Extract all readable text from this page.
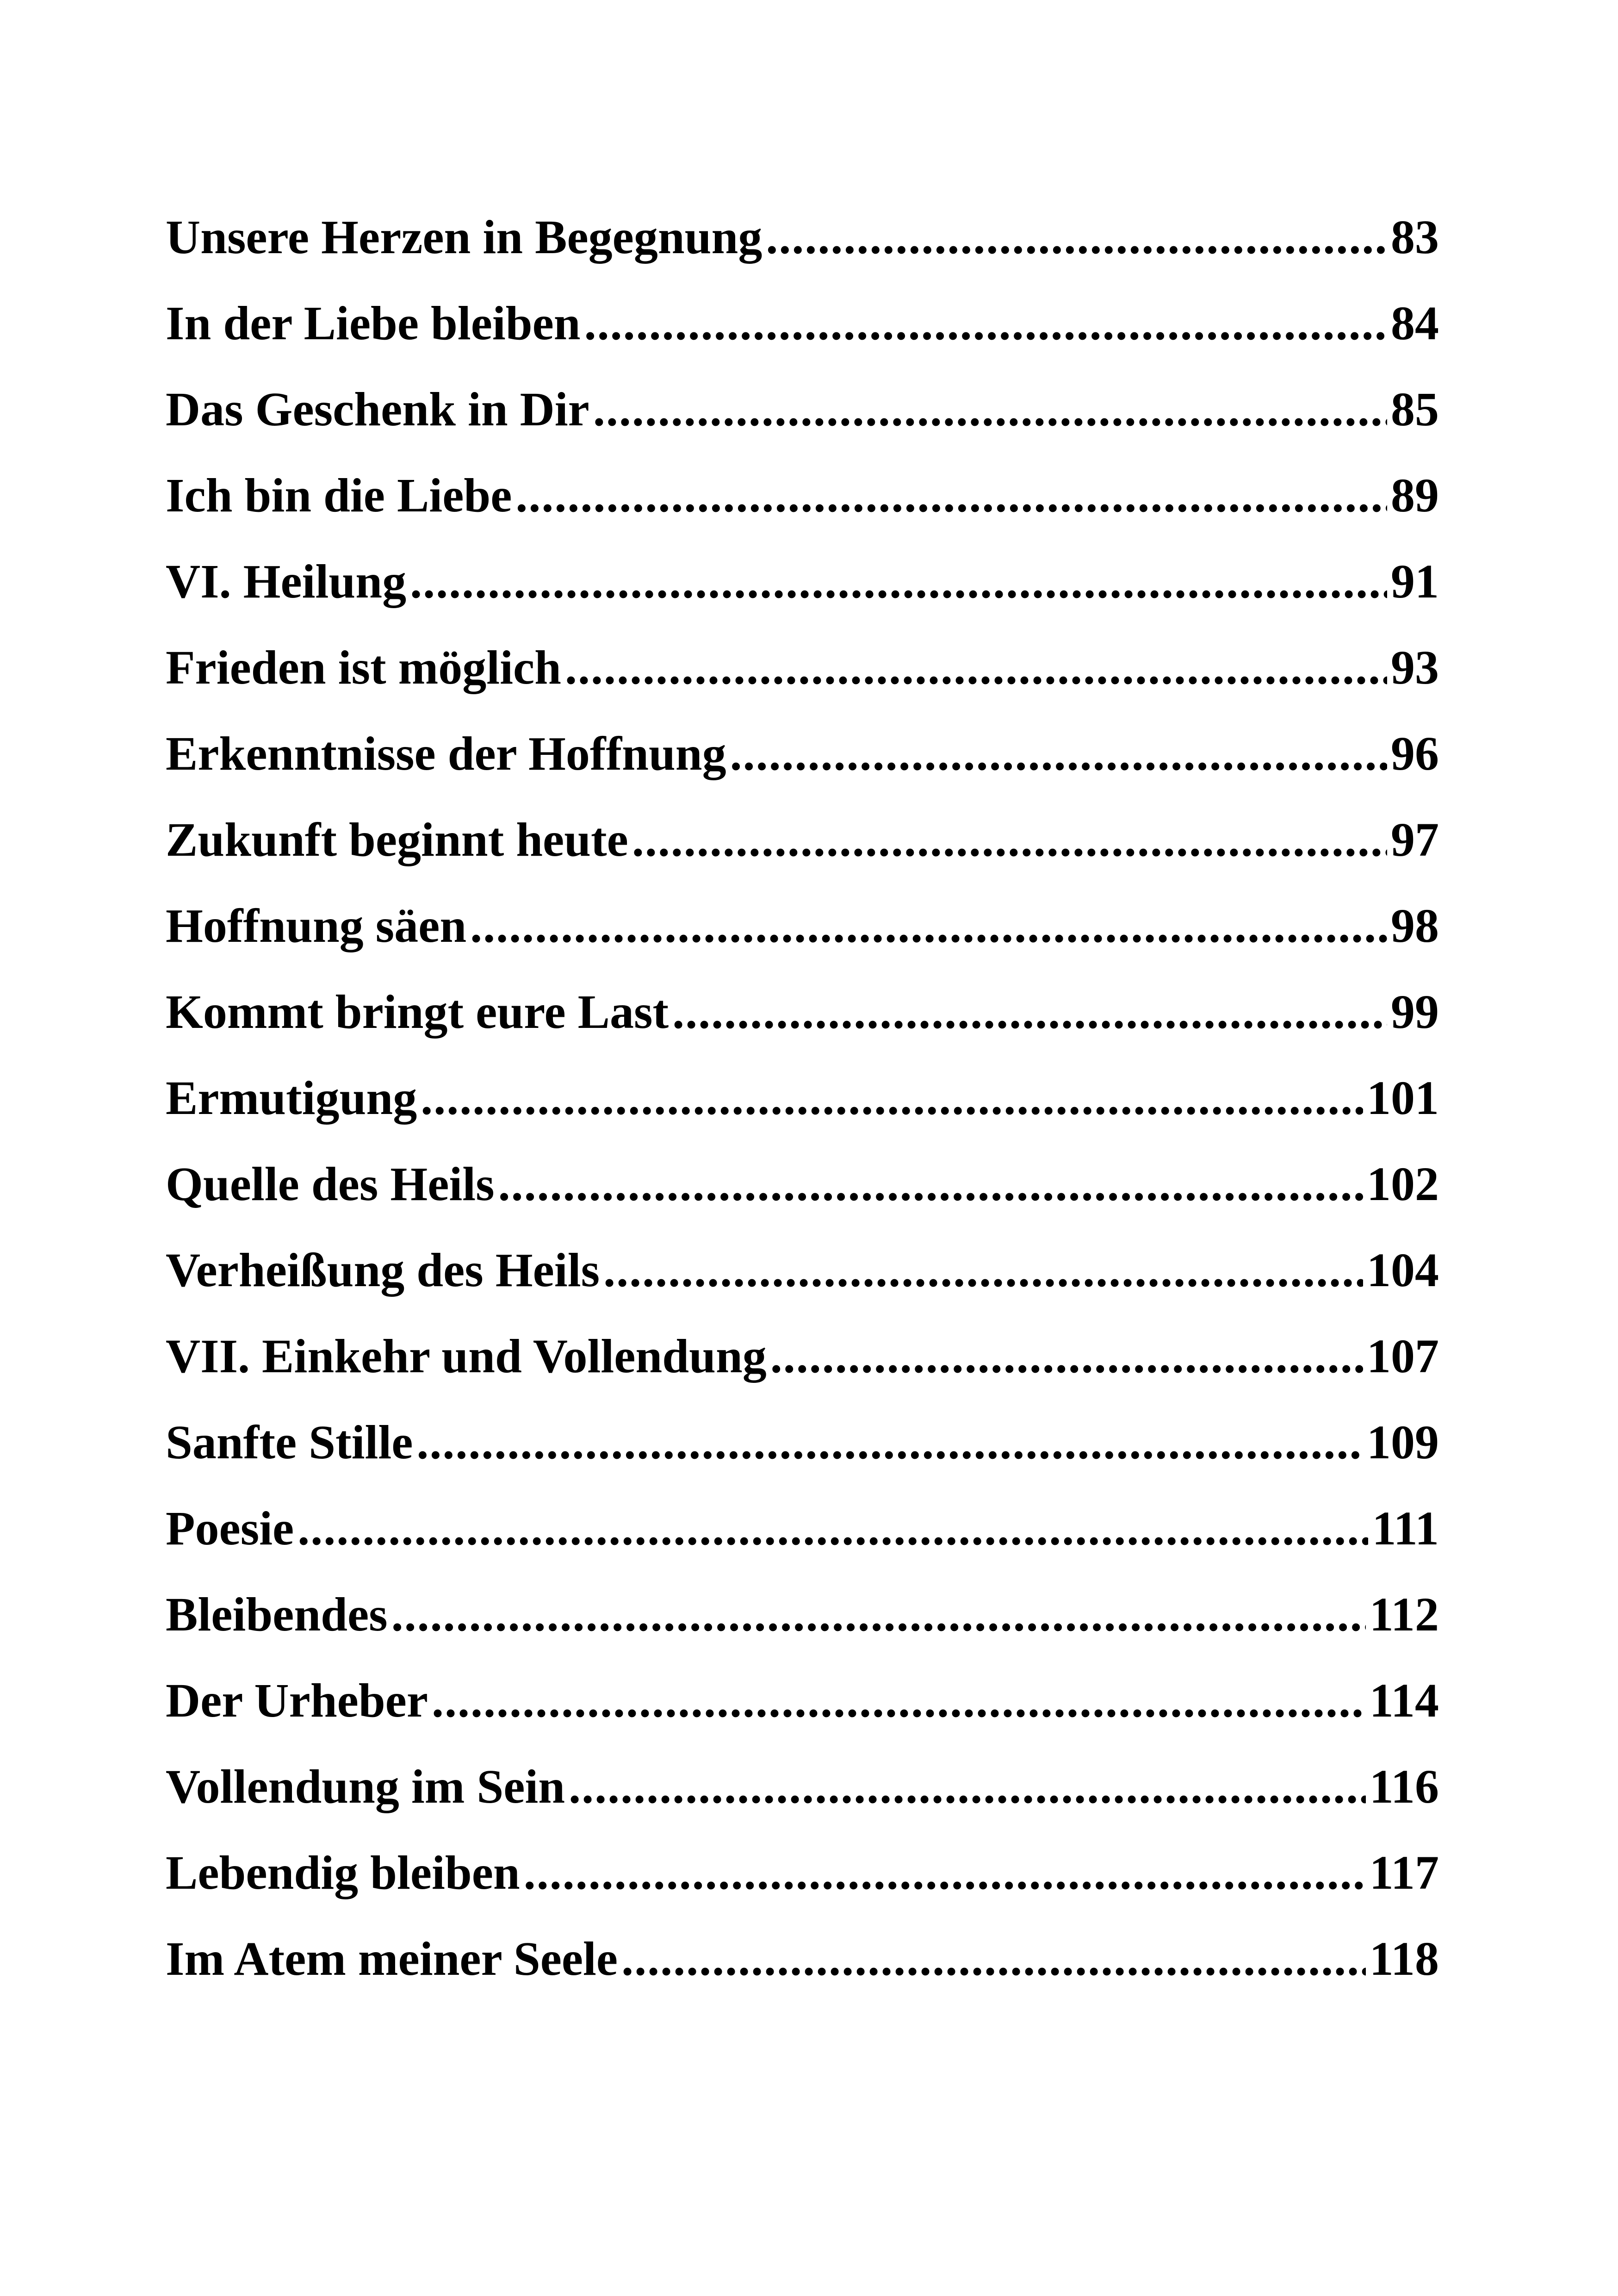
Unsere Herzen in Begegnung .....	83
In der Liebe bleiben .....	84
Das Geschenk in Dir .....	85
Ich bin die Liebe .....	89
VI. Heilung .....	91
Frieden ist möglich .....	93
Erkenntnisse der Hoffnung .....	96
Zukunft beginnt heute .....	97
Hoffnung säen .....	98
Kommt bringt eure Last .....	99
Ermutigung .....	101
Quelle des Heils .....	102
Verheißung des Heils .....	104
VII. Einkehr und Vollendung .....	107
Sanfte Stille .....	109
Poesie .....	111
Bleibendes .....	112
Der Urheber .....	114
Vollendung im Sein .....	116
Lebendig bleiben .....	117
Im Atem meiner Seele .....	118
